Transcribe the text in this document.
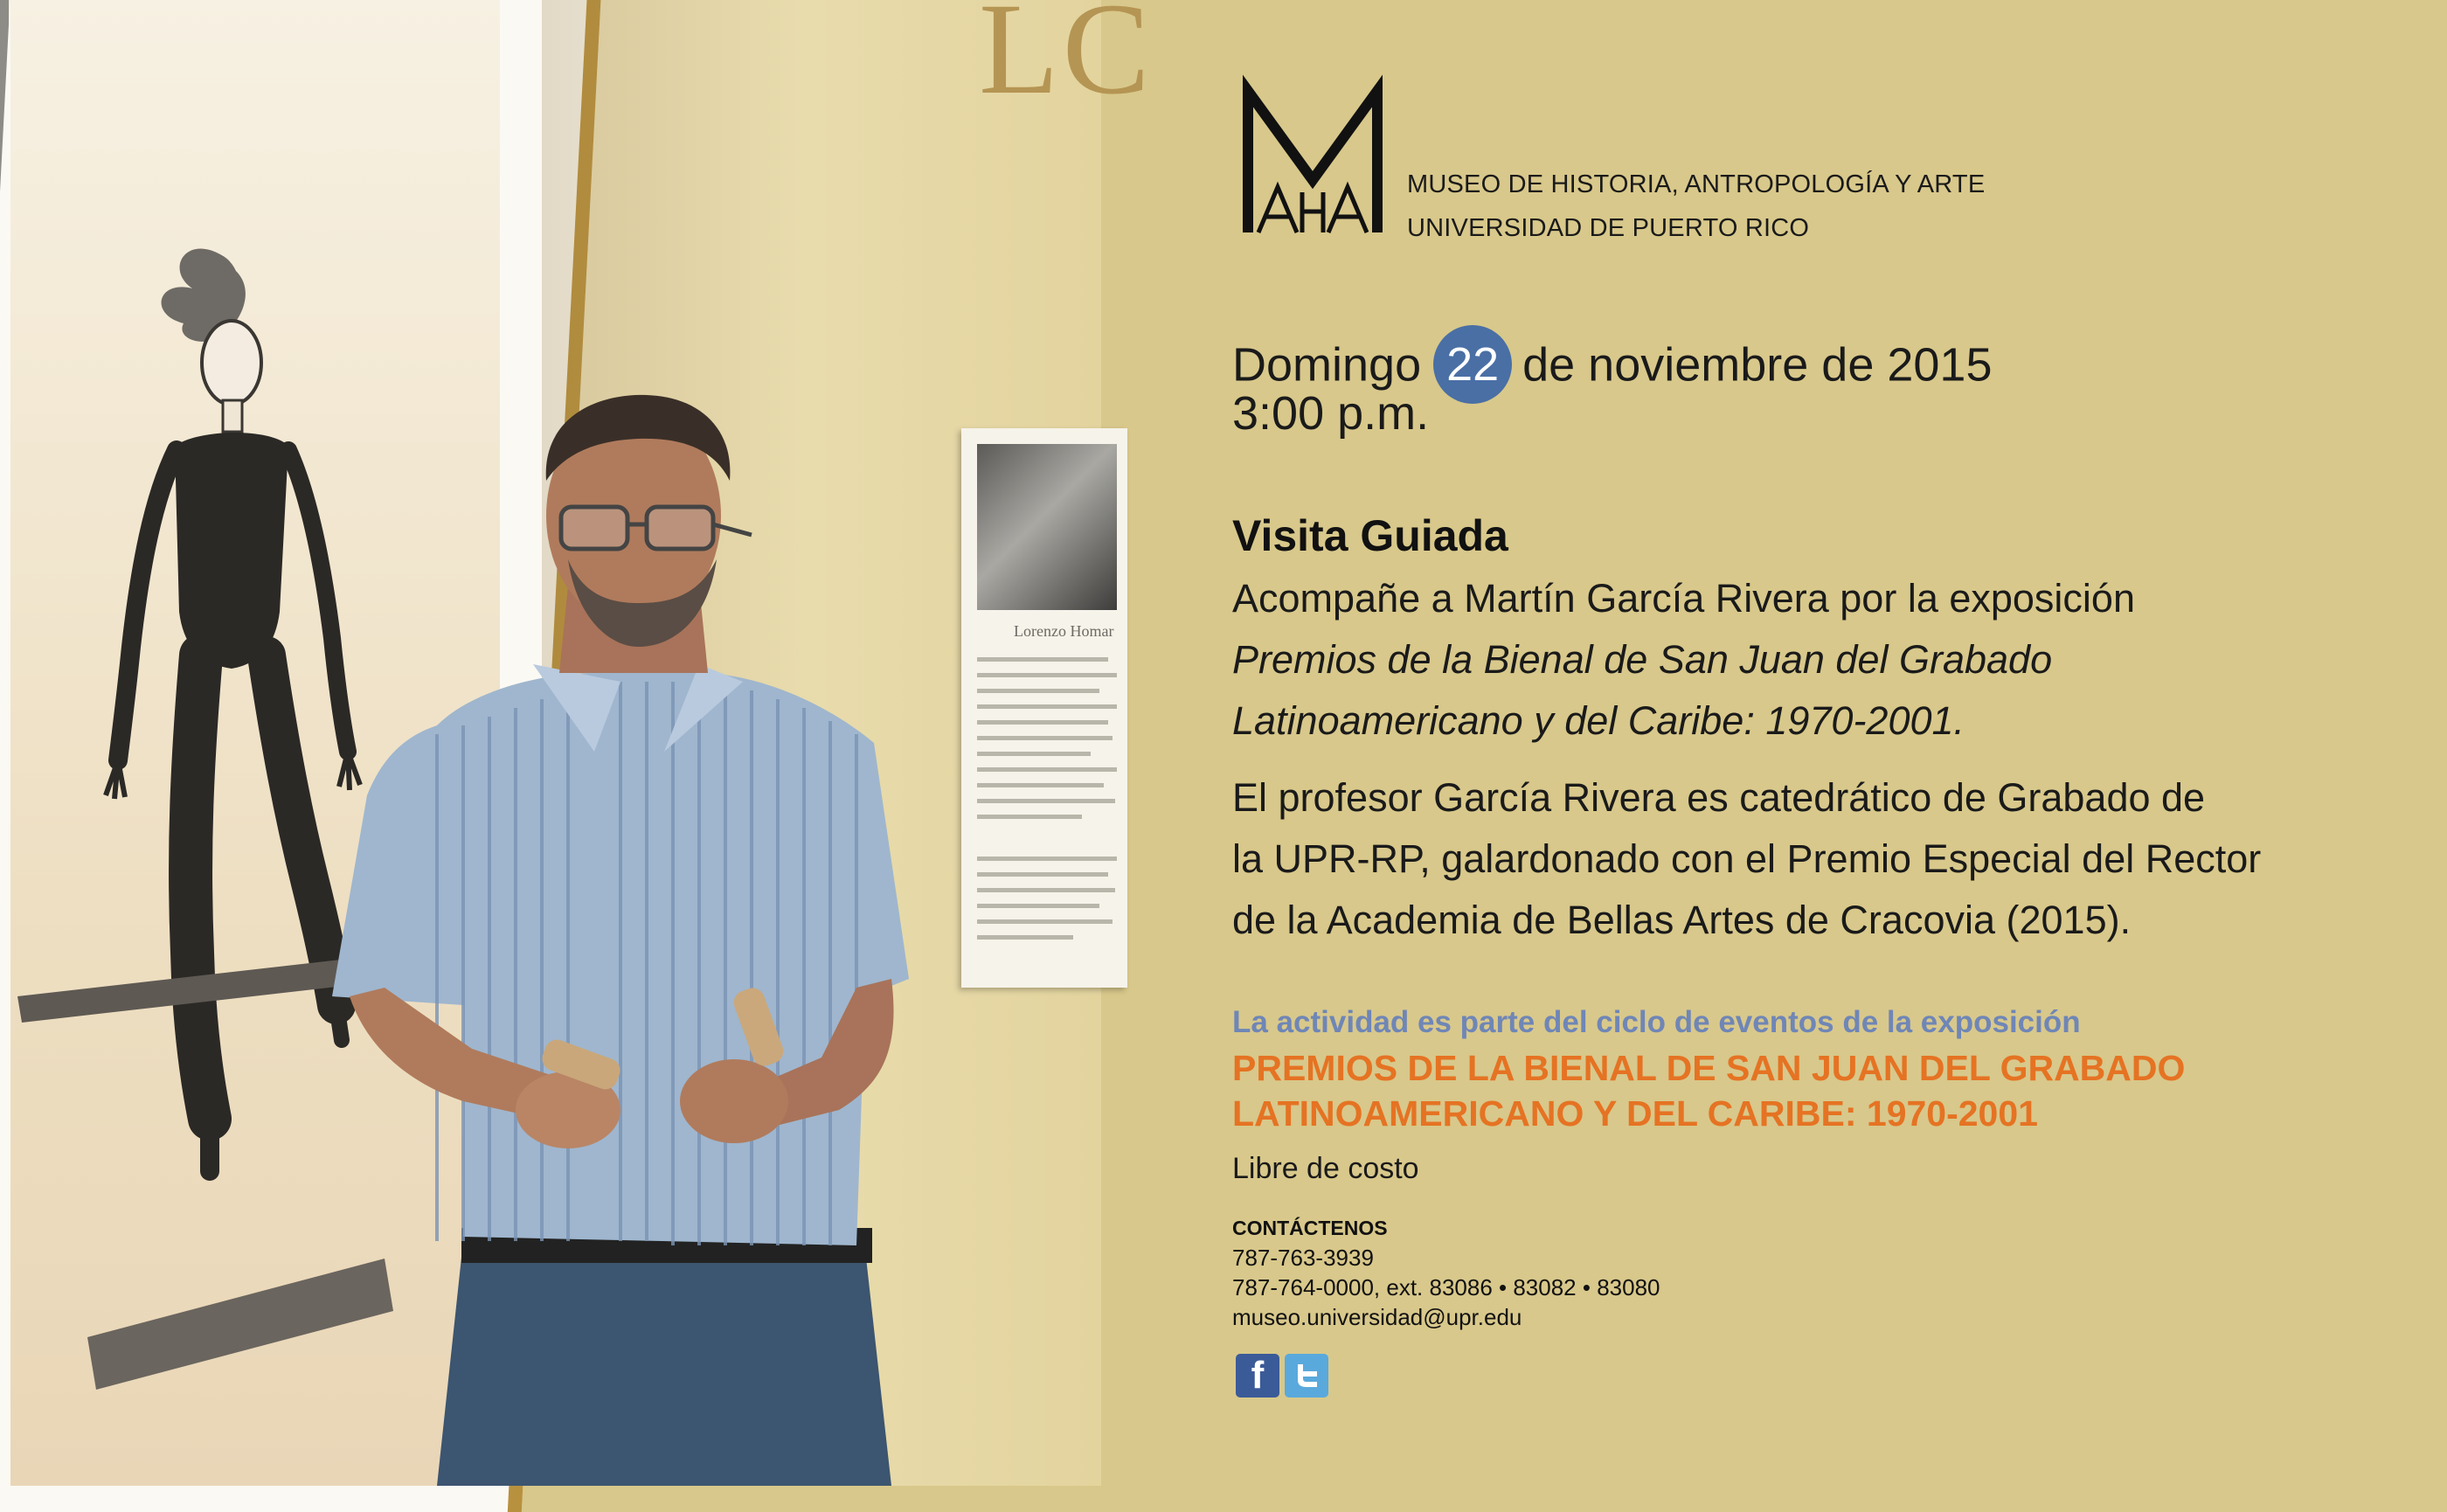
LC
Lorenzo Homar
MUSEO DE HISTORIA, ANTROPOLOGÍA Y ARTE
UNIVERSIDAD DE PUERTO RICO
Domingo 22 de noviembre de 2015
3:00 p.m.
Visita Guiada
Acompañe a Martín García Rivera por la exposición
Premios de la Bienal de San Juan del Grabado
Latinoamericano y del Caribe: 1970-2001.
El profesor García Rivera es catedrático de Grabado de
la UPR-RP, galardonado con el Premio Especial del Rector
de la Academia de Bellas Artes de Cracovia (2015).
La actividad es parte del ciclo de eventos de la exposición
PREMIOS DE LA BIENAL DE SAN JUAN DEL GRABADO
LATINOAMERICANO Y DEL CARIBE: 1970-2001
Libre de costo
CONTÁCTENOS
787-763-3939
787-764-0000, ext. 83086 • 83082 • 83080
museo.universidad@upr.edu
f
